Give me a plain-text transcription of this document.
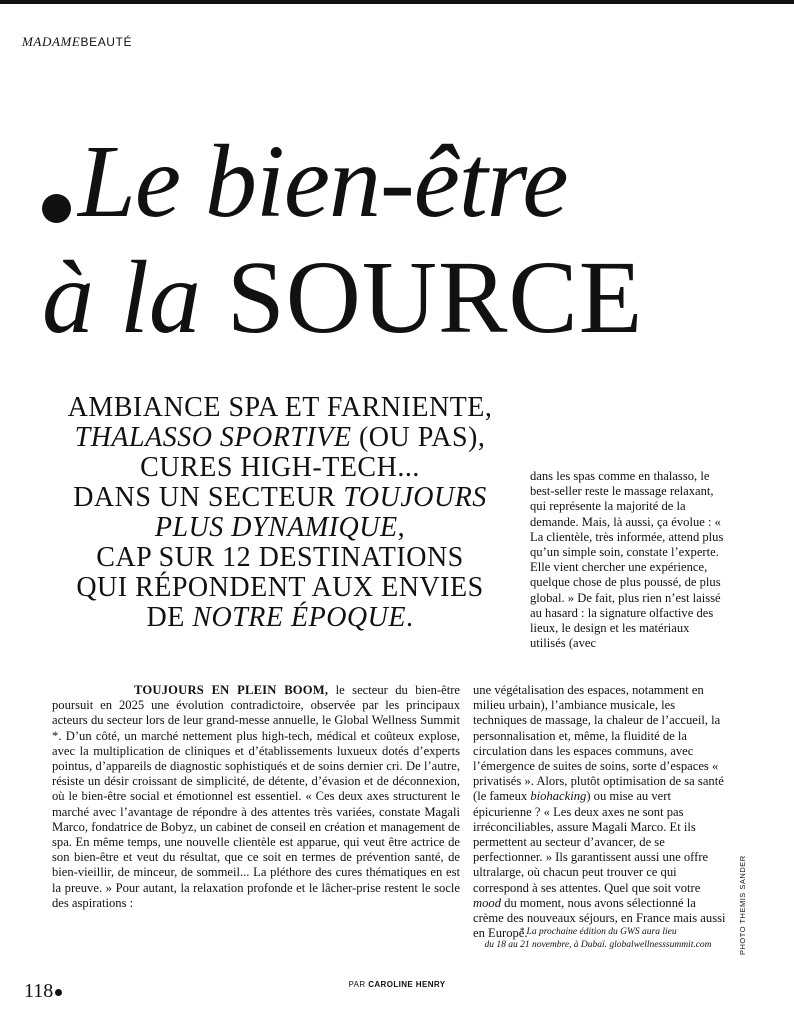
MADAMEBEAUTÉ
Le bien-être
à la SOURCE
AMBIANCE SPA ET FARNIENTE,
THALASSO SPORTIVE (OU PAS),
CURES HIGH-TECH...
DANS UN SECTEUR TOUJOURS
PLUS DYNAMIQUE,
CAP SUR 12 DESTINATIONS
QUI RÉPONDENT AUX ENVIES
DE NOTRE ÉPOQUE.

TOUJOURS EN PLEIN BOOM, le secteur du bien-être poursuit en 2025 une évolution contradictoire, observée par les principaux acteurs du secteur lors de leur grand-messe annuelle, le Global Wellness Summit *. D’un côté, un marché nettement plus high-tech, médical et coûteux explose, avec la multiplication de cliniques et d’établissements luxueux dotés d’experts pointus, d’appareils de diagnostic sophistiqués et de soins dernier cri. De l’autre, résiste un désir croissant de simplicité, de détente, d’évasion et de déconnexion, où le bien-être social et émotionnel est essentiel. « Ces deux axes structurent le marché avec l’avantage de répondre à des attentes très variées, constate Magali Marco, fondatrice de Bobyz, un cabinet de conseil en création et management de spa. En même temps, une nouvelle clientèle est apparue, qui veut être actrice de son bien-être et veut du résultat, que ce soit en termes de prévention santé, de bien-vieillir, de minceur, de sommeil... La pléthore des cures thématiques en est la preuve. » Pour autant, la relaxation profonde et le lâcher-prise restent le socle des aspirations :

dans les spas comme en thalasso, le best-seller reste le massage relaxant, qui représente la majorité de la demande. Mais, là aussi, ça évolue : « La clientèle, très informée, attend plus qu’un simple soin, constate l’experte. Elle vient chercher une expérience, quelque chose de plus poussé, de plus global. » De fait, plus rien n’est laissé au hasard : la signature olfactive des lieux, le design et les matériaux utilisés (avec

une végétalisation des espaces, notamment en milieu urbain), l’ambiance musicale, les techniques de massage, la chaleur de l’accueil, la personnalisation et, même, la fluidité de la circulation dans les espaces communs, avec l’émergence de suites de soins, sorte d’espaces « privatisés ». Alors, plutôt optimisation de sa santé (le fameux biohacking) ou mise au vert épicurienne ? « Les deux axes ne sont pas irréconciliables, assure Magali Marco. Et ils permettent au secteur d’avancer, de se perfectionner. » Ils garantissent aussi une offre ultralarge, où chacun peut trouver ce qui correspond à ses attentes. Quel que soit votre mood du moment, nous avons sélectionné la crème des nouveaux séjours, en France mais aussi en Europe.

* La prochaine édition du GWS aura lieu
du 18 au 21 novembre, à Dubaï. globalwellnesssummit.com	PHOTO THEMIS SANDER
118	PAR CAROLINE HENRY
